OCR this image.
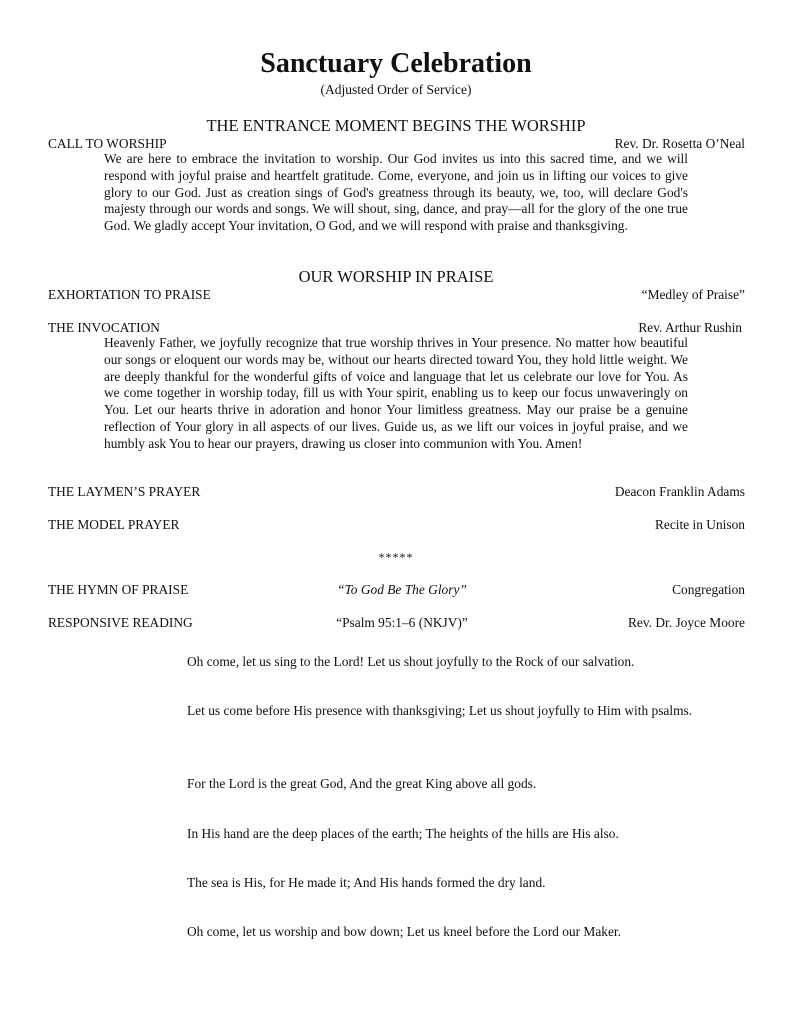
Sanctuary Celebration
(Adjusted Order of Service)
THE ENTRANCE MOMENT BEGINS THE WORSHIP
CALL TO WORSHIP	Rev. Dr. Rosetta O’Neal

We are here to embrace the invitation to worship. Our God invites us into this sacred time, and we will respond with joyful praise and heartfelt gratitude. Come, everyone, and join us in lifting our voices to give glory to our God. Just as creation sings of God's greatness through its beauty, we, too, will declare God's majesty through our words and songs. We will shout, sing, dance, and pray—all for the glory of the one true God. We gladly accept Your invitation, O God, and we will respond with praise and thanksgiving.

OUR WORSHIP IN PRAISE
EXHORTATION TO PRAISE	“Medley of Praise”
THE INVOCATION	Rev. Arthur Rushin

Heavenly Father, we joyfully recognize that true worship thrives in Your presence. No matter how beautiful our songs or eloquent our words may be, without our hearts directed toward You, they hold little weight. We are deeply thankful for the wonderful gifts of voice and language that let us celebrate our love for You. As we come together in worship today, fill us with Your spirit, enabling us to keep our focus unwaveringly on You. Let our hearts thrive in adoration and honor Your limitless greatness. May our praise be a genuine reflection of Your glory in all aspects of our lives. Guide us, as we lift our voices in joyful praise, and we humbly ask You to hear our prayers, drawing us closer into communion with You. Amen!

THE LAYMEN’S PRAYER	Deacon Franklin Adams
THE MODEL PRAYER	Recite in Unison
*****
THE HYMN OF PRAISE	“To God Be The Glory”	Congregation
RESPONSIVE READING	“Psalm 95:1–6 (NKJV)”	Rev. Dr. Joyce Moore

Oh come, let us sing to the Lord! Let us shout joyfully to the Rock of our salvation.

Let us come before His presence with thanksgiving; Let us shout joyfully to Him with psalms.

For the Lord is the great God, And the great King above all gods.

In His hand are the deep places of the earth; The heights of the hills are His also.

The sea is His, for He made it; And His hands formed the dry land.

Oh come, let us worship and bow down; Let us kneel before the Lord our Maker.
